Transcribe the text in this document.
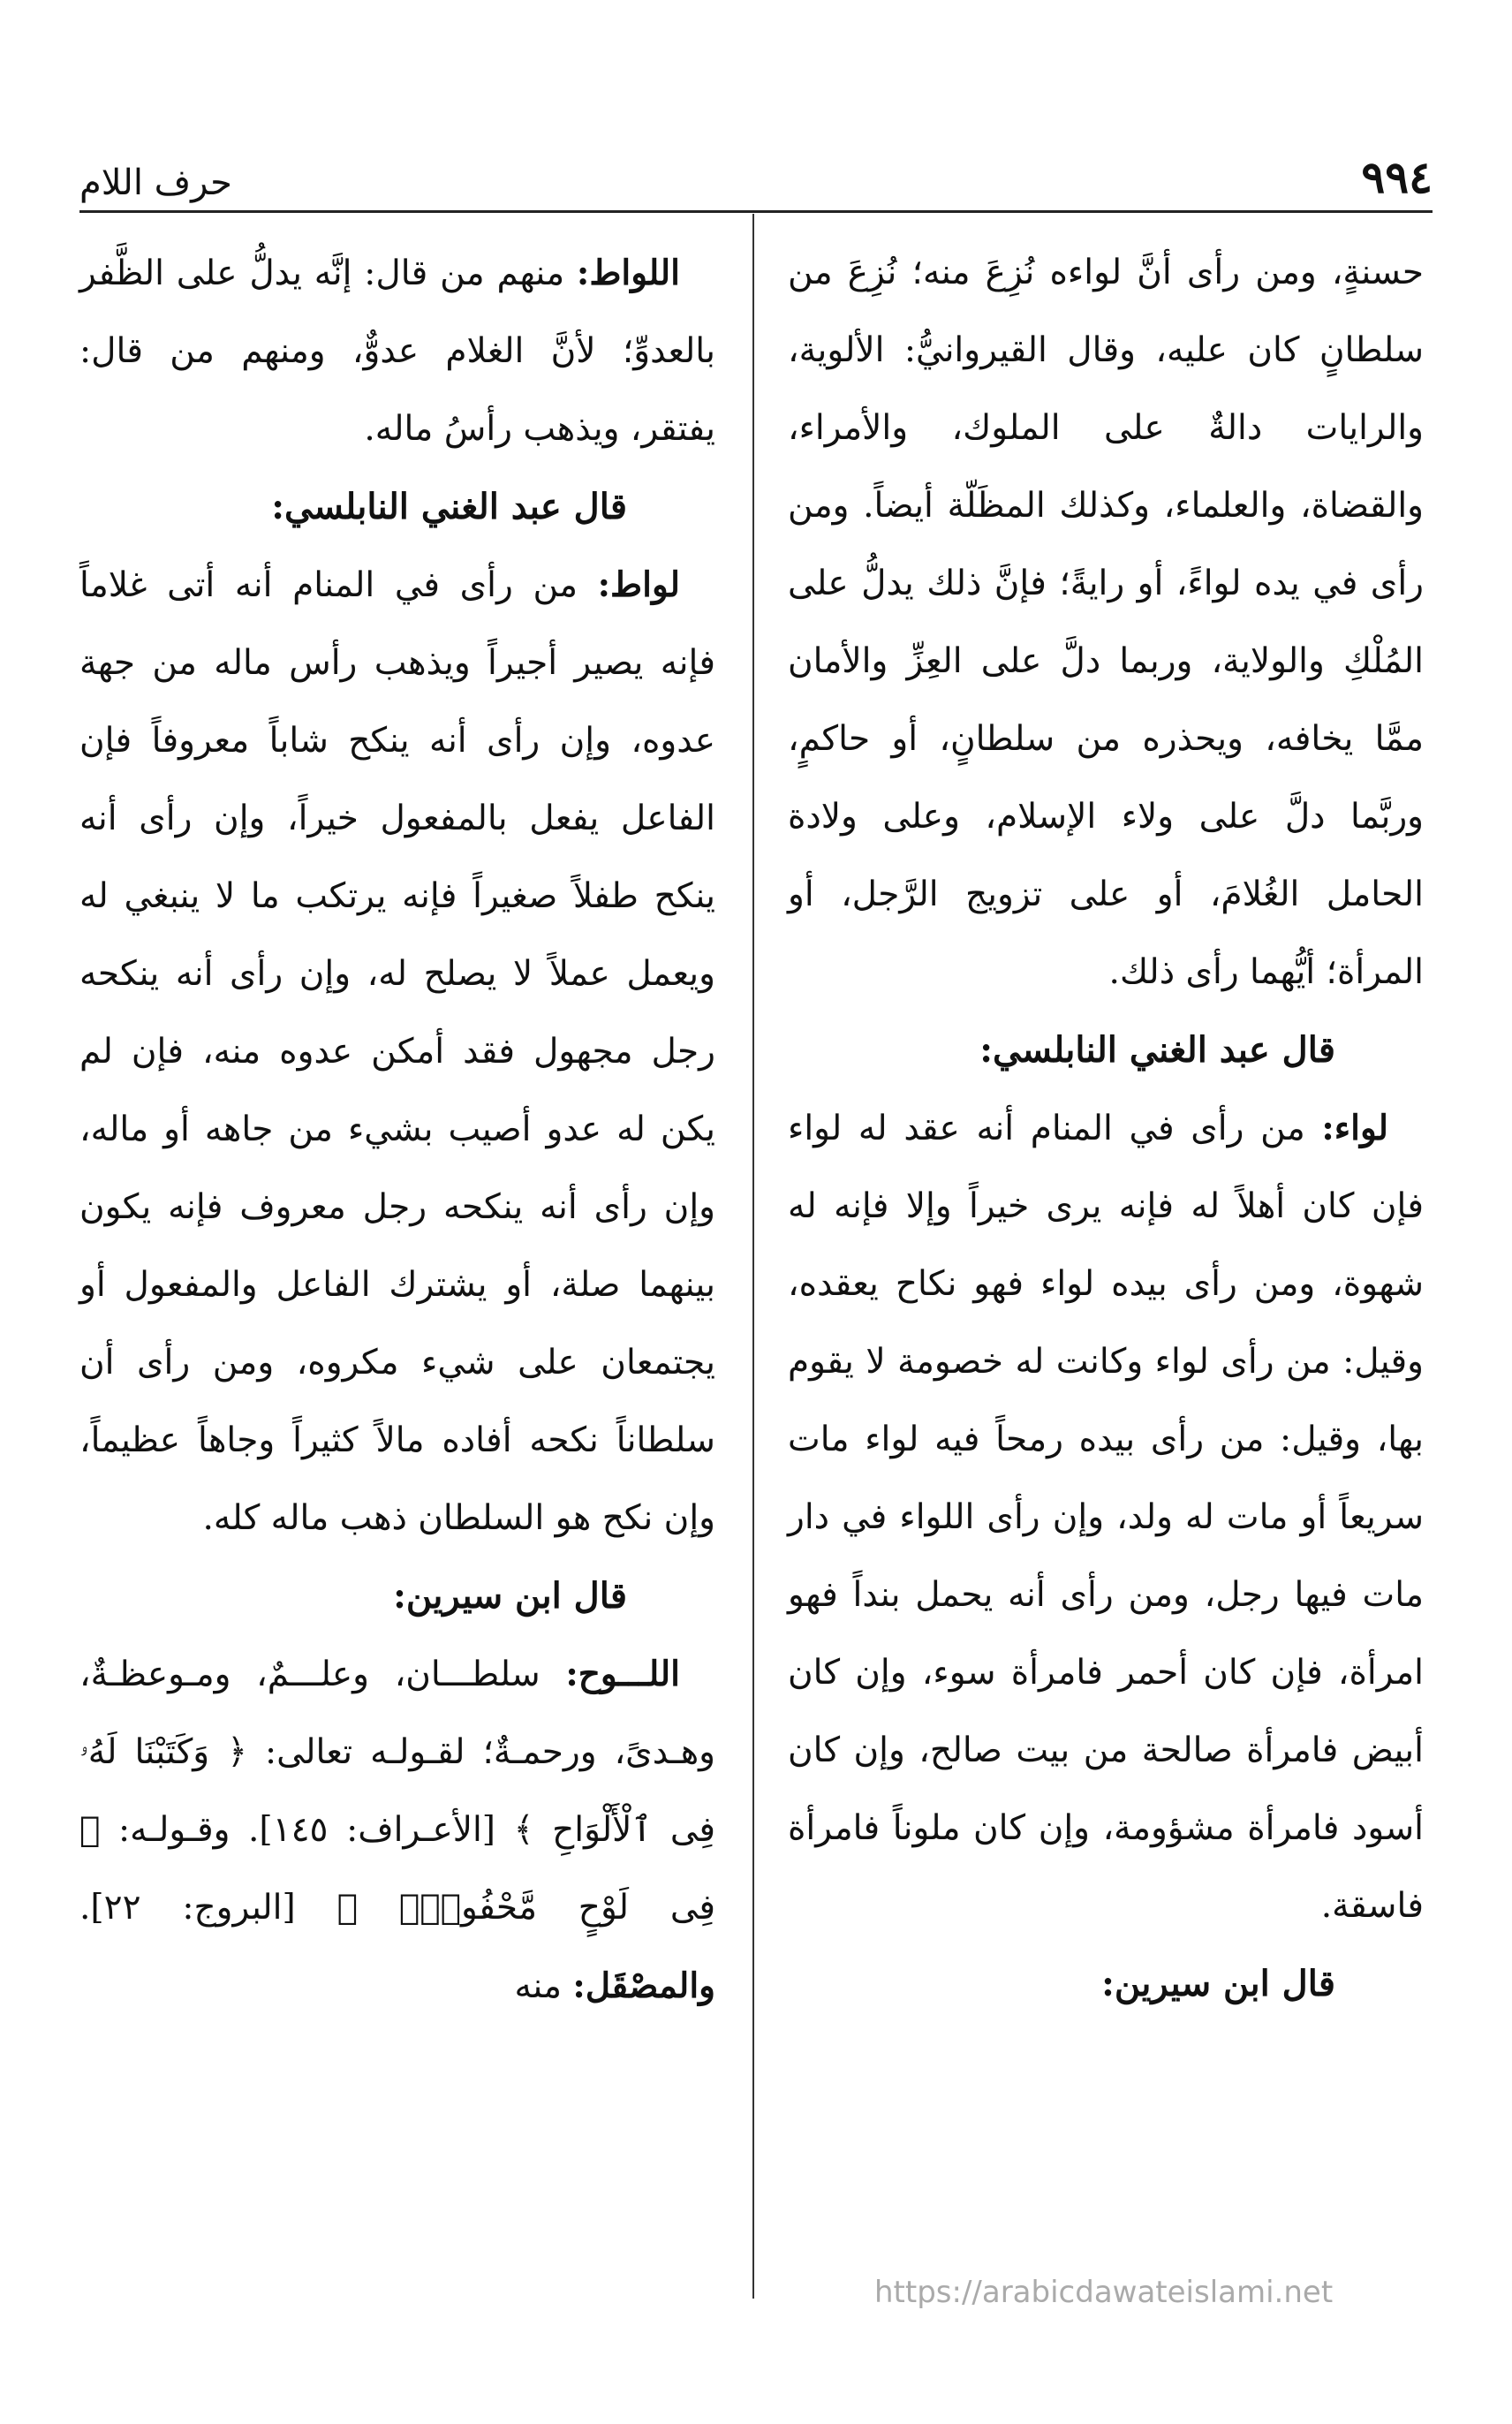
٩٩٤
حرف اللام

حسنةٍ، ومن رأى أنَّ لواءه نُزِعَ منه؛ نُزِعَ من سلطانٍ كان عليه، وقال القيروانيُّ: الألوية، والرايات دالةٌ على الملوك، والأمراء، والقضاة، والعلماء، وكذلك المظَلّة أيضاً. ومن رأى في يده لواءً، أو رايةً؛ فإنَّ ذلك يدلُّ على المُلْكِ والولاية، وربما دلَّ على العِزِّ والأمان ممَّا يخافه، ويحذره من سلطانٍ، أو حاكمٍ، وربَّما دلَّ على ولاء الإسلام، وعلى ولادة الحامل الغُلامَ، أو على تزويج الرَّجل، أو المرأة؛ أيُّهما رأى ذلك.

قال عبد الغني النابلسي:

لواء: من رأى في المنام أنه عقد له لواء فإن كان أهلاً له فإنه يرى خيراً وإلا فإنه له شهوة، ومن رأى بيده لواء فهو نكاح يعقده، وقيل: من رأى لواء وكانت له خصومة لا يقوم بها، وقيل: من رأى بيده رمحاً فيه لواء مات سريعاً أو مات له ولد، وإن رأى اللواء في دار مات فيها رجل، ومن رأى أنه يحمل بنداً فهو امرأة، فإن كان أحمر فامرأة سوء، وإن كان أبيض فامرأة صالحة من بيت صالح، وإن كان أسود فامرأة مشؤومة، وإن كان ملوناً فامرأة فاسقة.

قال ابن سيرين:

اللواط: منهم من قال: إنَّه يدلُّ على الظَّفر بالعدوِّ؛ لأنَّ الغلام عدوٌّ، ومنهم من قال: يفتقر، ويذهب رأسُ ماله.

قال عبد الغني النابلسي:

لواط: من رأى في المنام أنه أتى غلاماً فإنه يصير أجيراً ويذهب رأس ماله من جهة عدوه، وإن رأى أنه ينكح شاباً معروفاً فإن الفاعل يفعل بالمفعول خيراً، وإن رأى أنه ينكح طفلاً صغيراً فإنه يرتكب ما لا ينبغي له ويعمل عملاً لا يصلح له، وإن رأى أنه ينكحه رجل مجهول فقد أمكن عدوه منه، فإن لم يكن له عدو أصيب بشيء من جاهه أو ماله، وإن رأى أنه ينكحه رجل معروف فإنه يكون بينهما صلة، أو يشترك الفاعل والمفعول أو يجتمعان على شيء مكروه، ومن رأى أن سلطاناً نكحه أفاده مالاً كثيراً وجاهاً عظيماً، وإن نكح هو السلطان ذهب ماله كله.

قال ابن سيرين:

اللـــوح: سلطـــان، وعلـــمٌ، ومـوعظـةٌ، وهـدىً، ورحمـةٌ؛ لقـولـه تعالى: ﴿ وَكَتَبْنَا لَهُۥ فِى ٱلْأَلْوَاحِ ﴾ [الأعـراف: ١٤٥]. وقـولـه: ﴿ فِى لَوْحٍ مَّحْفُوظٍۭ ﴾ [البروج: ٢٢]. والمصْقَل: منه

https://arabicdawateislami.net
